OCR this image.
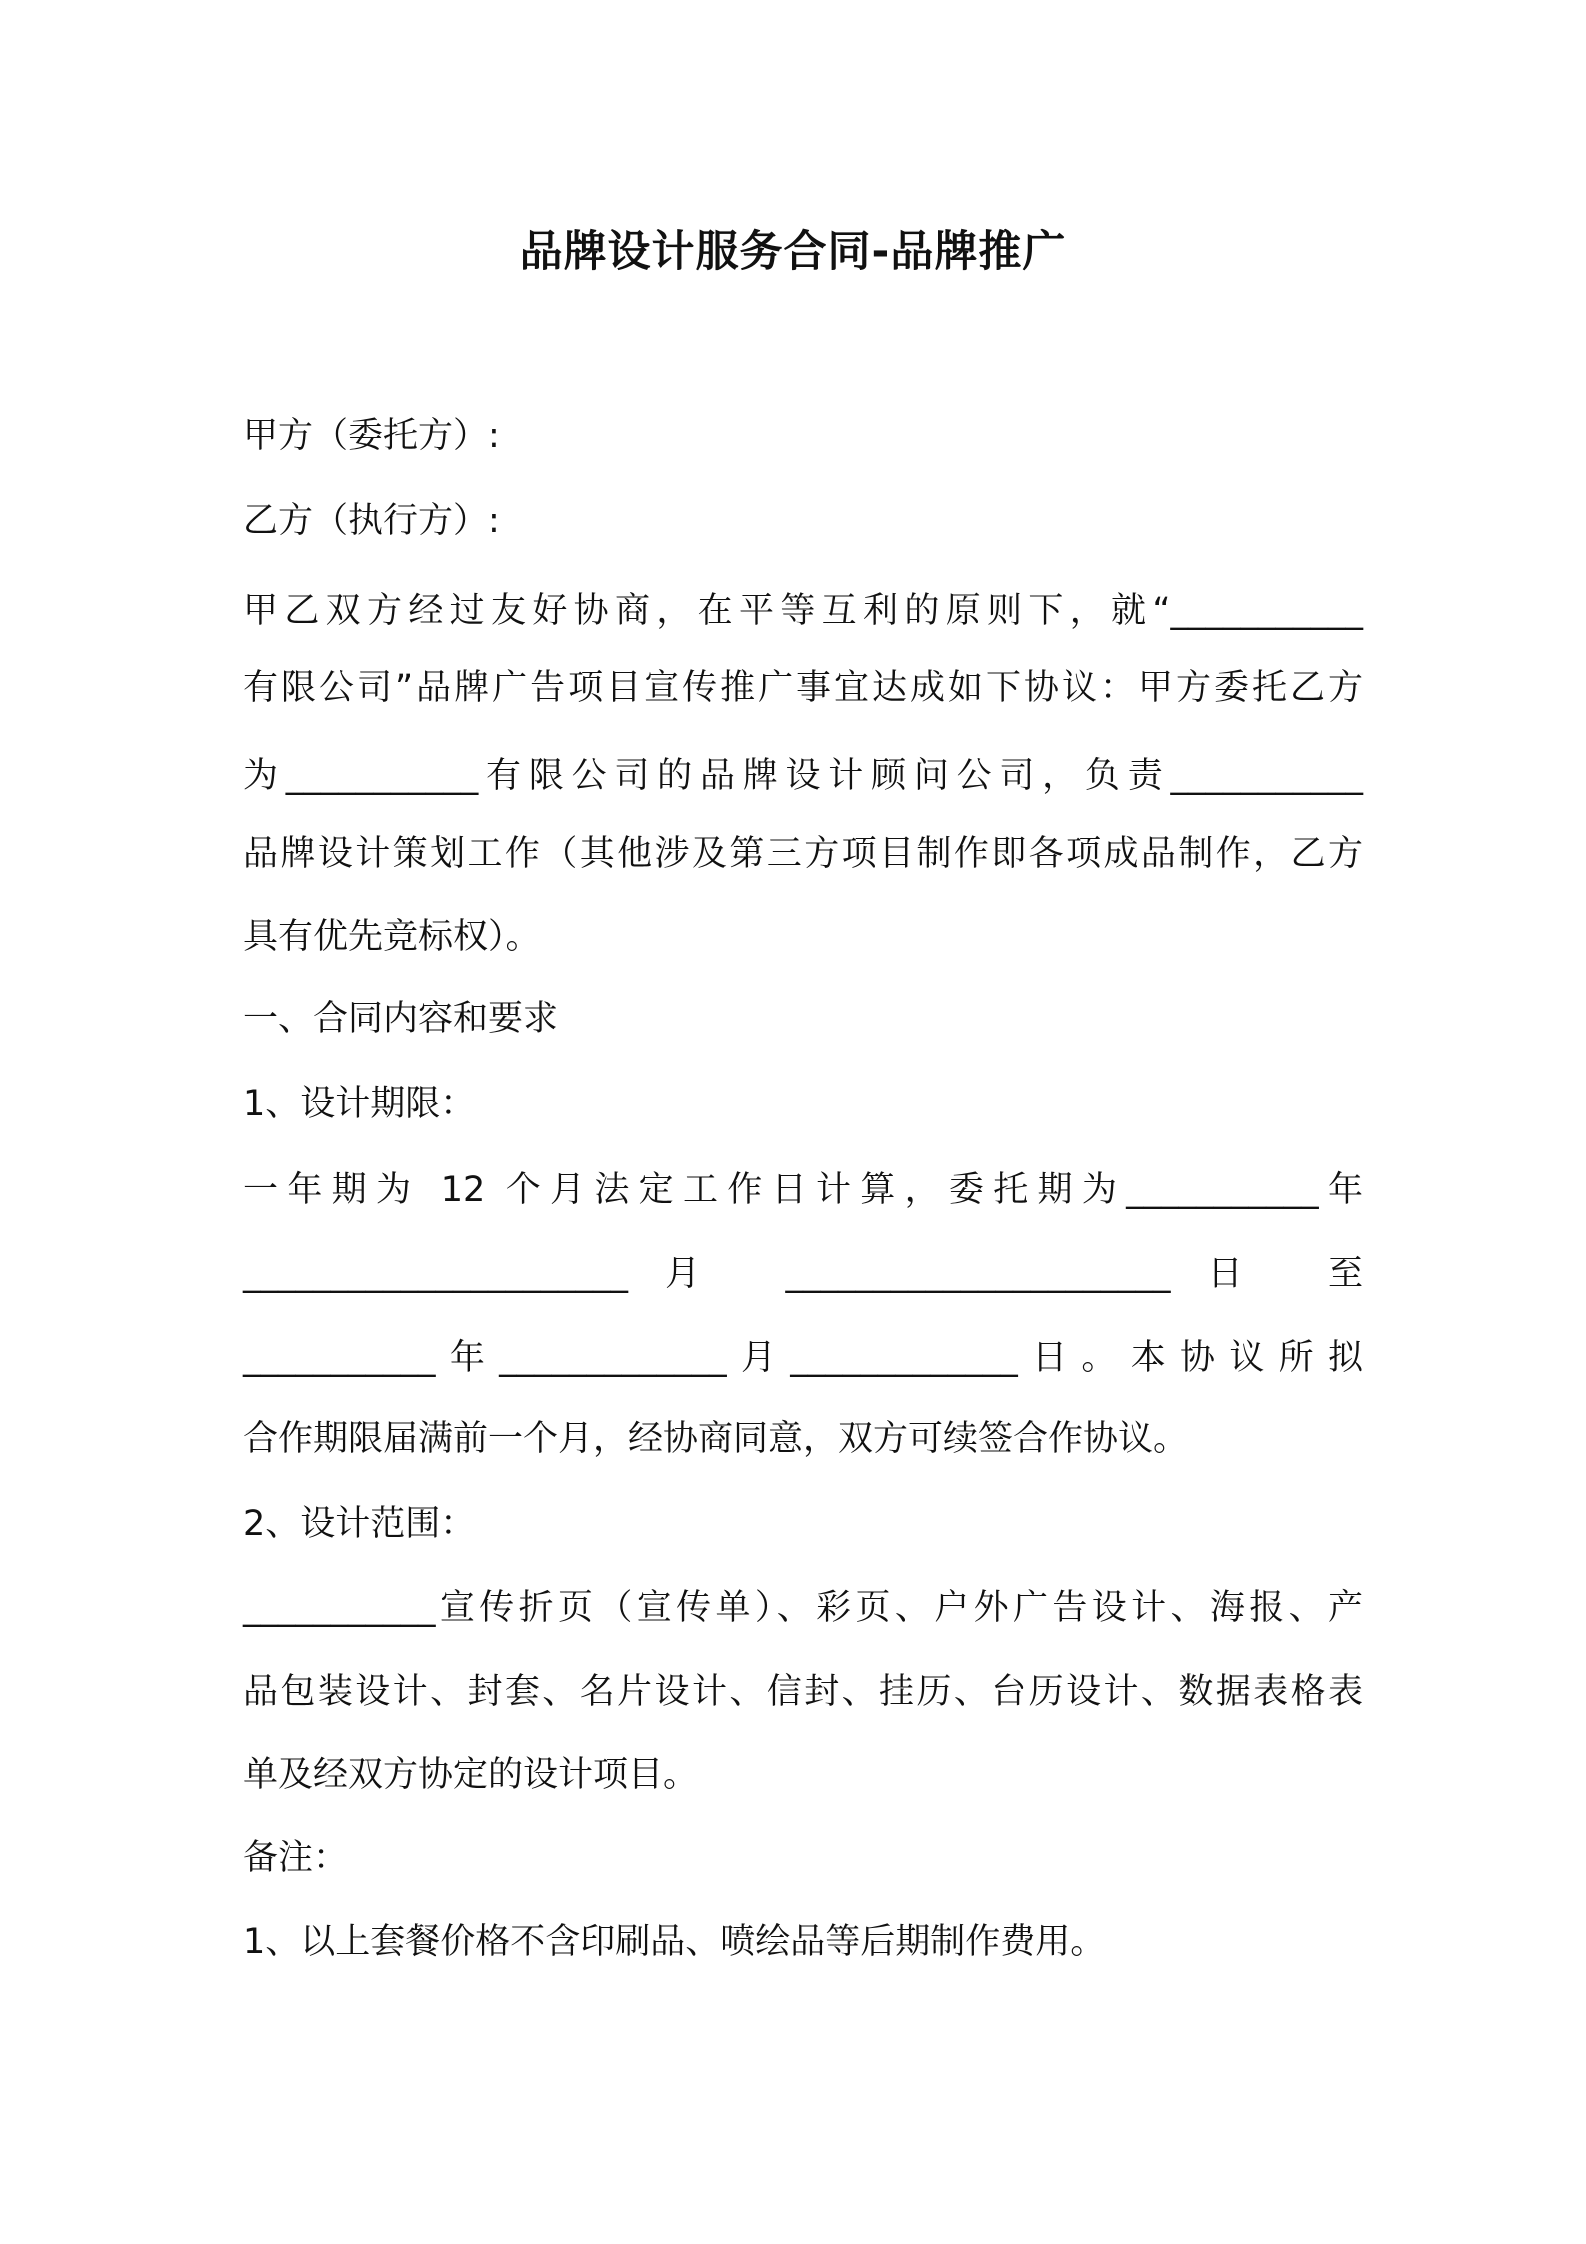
品牌设计服务合同-品牌推广
甲方（委托方）:
乙方（执行方）:
甲乙双方经过友好协商，在平等互利的原则下，就“___________
有限公司”品牌广告项目宣传推广事宜达成如下协议：甲方委托乙方
为___________有限公司的品牌设计顾问公司，负责___________
品牌设计策划工作（其他涉及第三方项目制作即各项成品制作，乙方
具有优先竞标权）。
一、合同内容和要求
1、设计期限：
一年期为 12 个月法定工作日计算，委托期为___________年
______________________月 ______________________日 至
___________年_____________月_____________日。本协议所拟
合作期限届满前一个月，经协商同意，双方可续签合作协议。
2、设计范围：
___________宣传折页（宣传单）、彩页、户外广告设计、海报、产
品包装设计、封套、名片设计、信封、挂历、台历设计、数据表格表
单及经双方协定的设计项目。
备注：
1、以上套餐价格不含印刷品、喷绘品等后期制作费用。
